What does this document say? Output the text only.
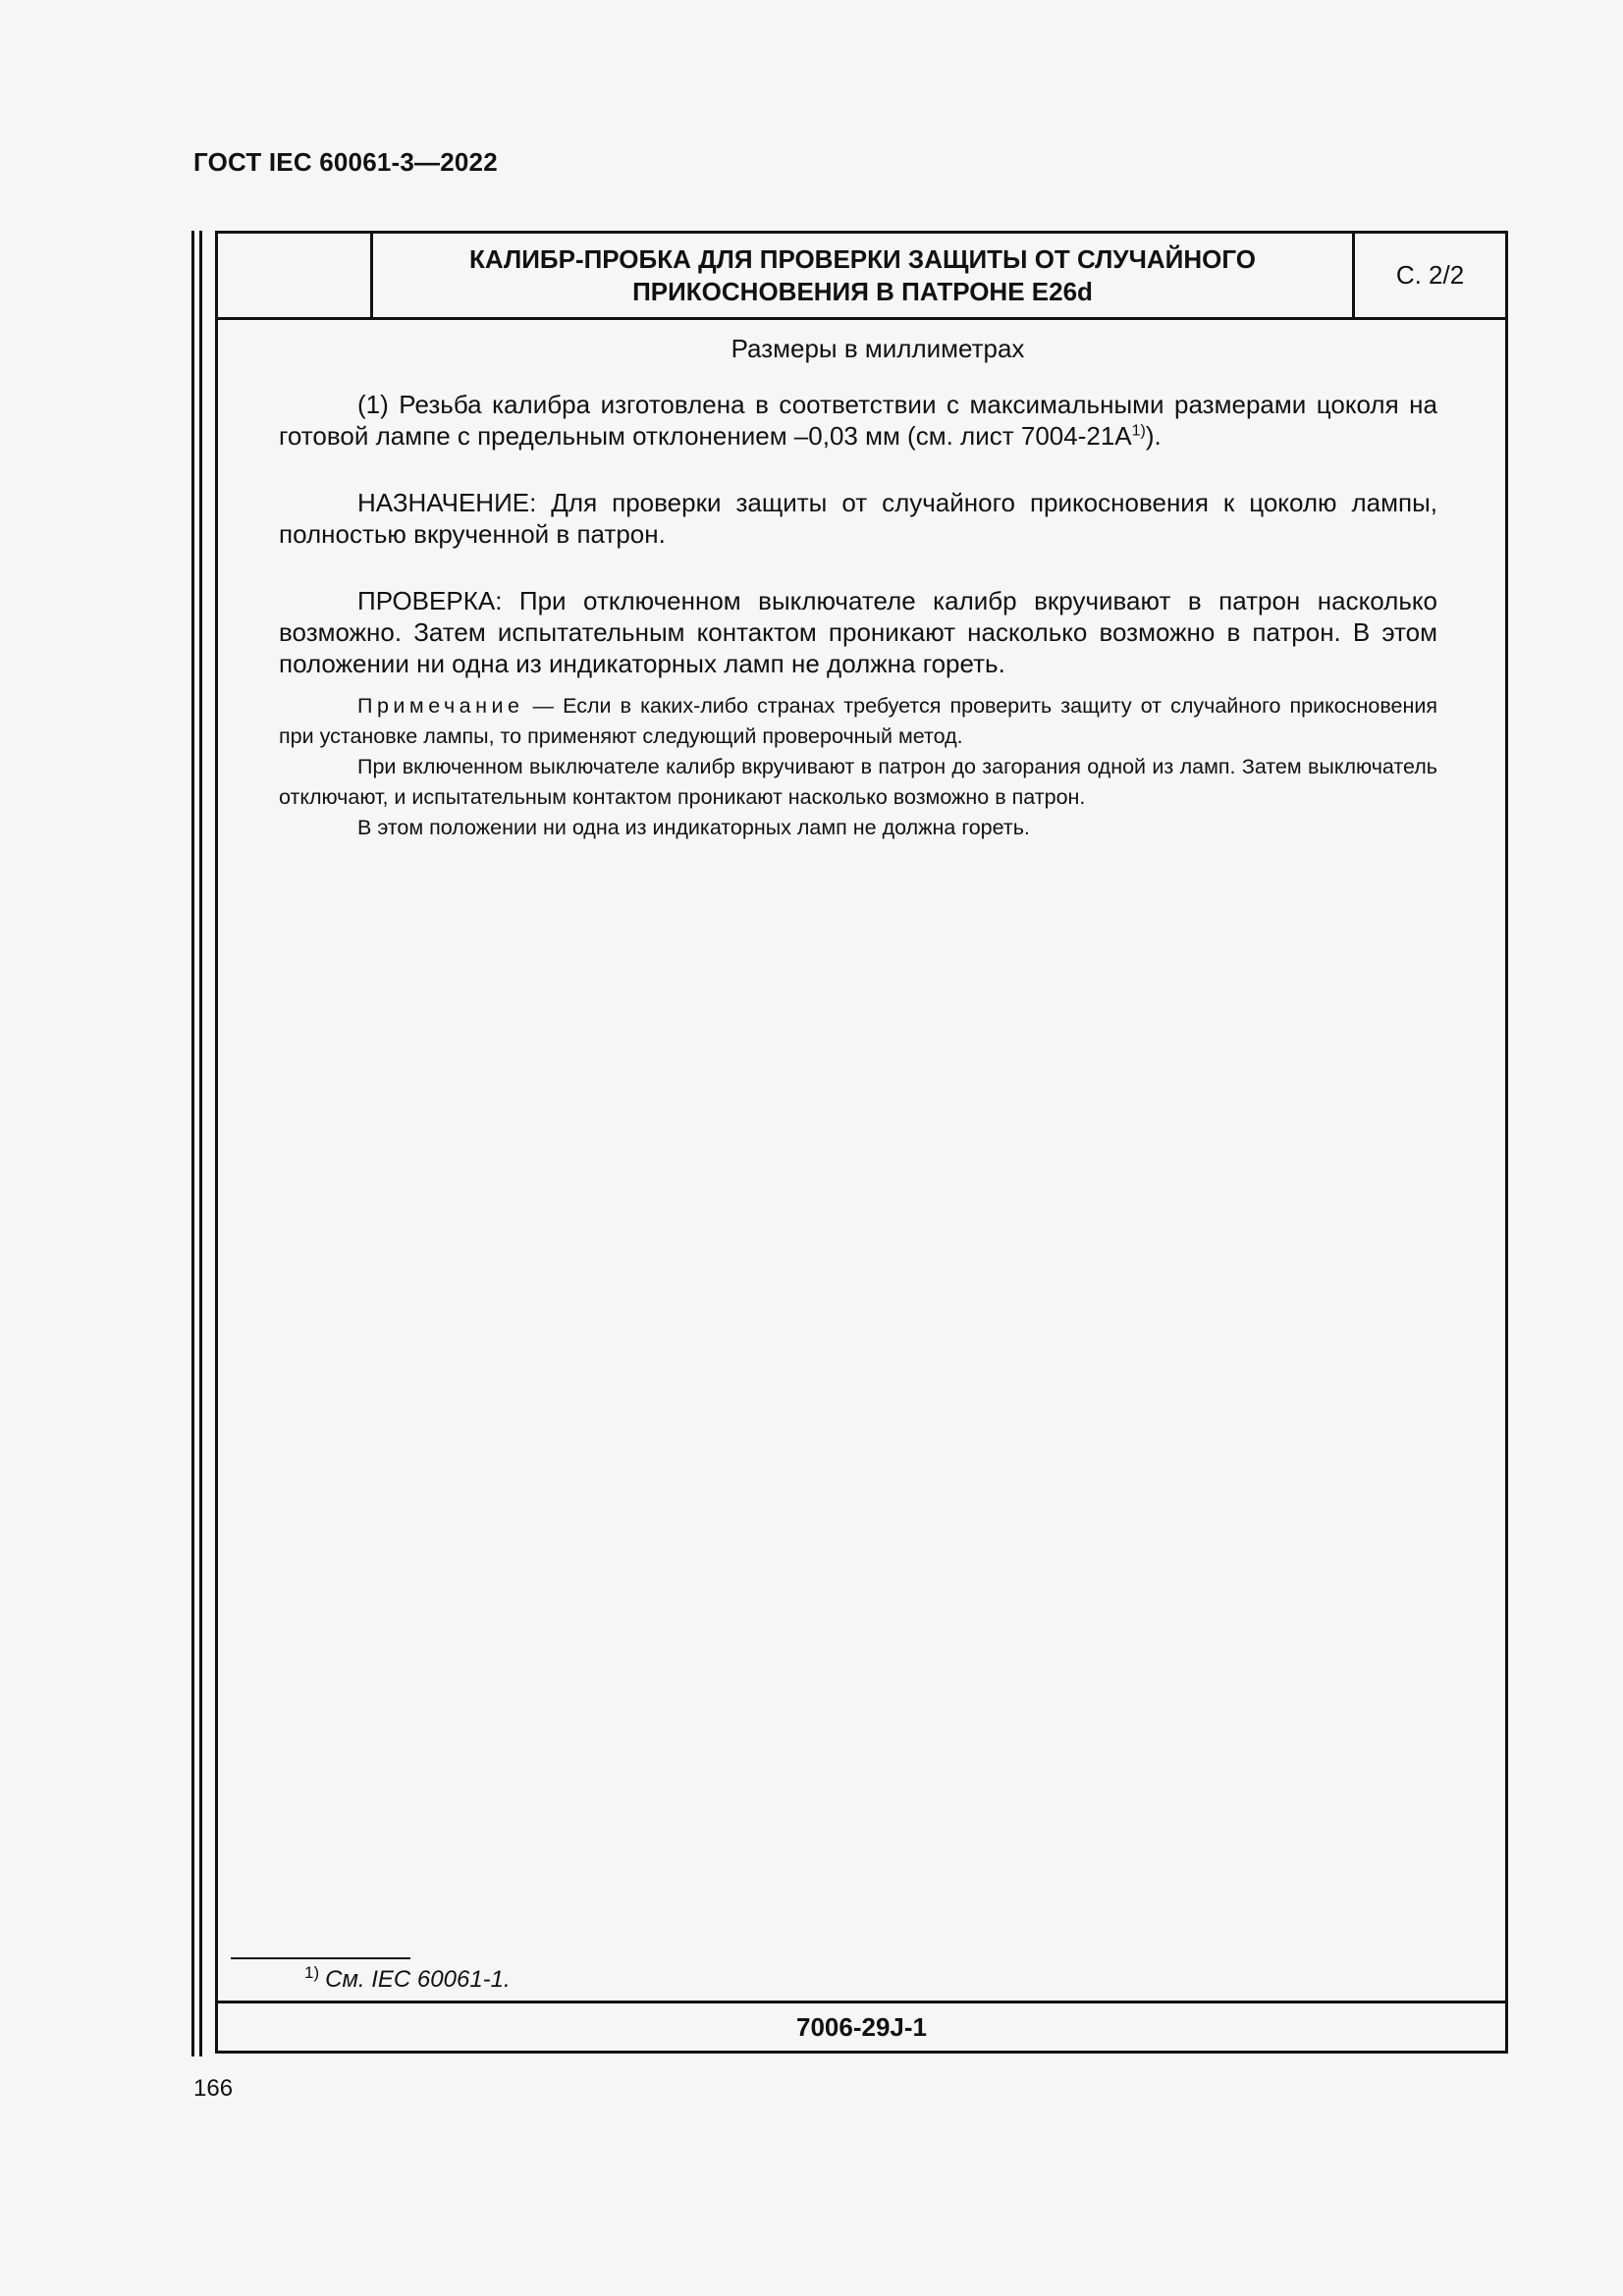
ГОСТ IEC 60061-3—2022
КАЛИБР-ПРОБКА ДЛЯ ПРОВЕРКИ ЗАЩИТЫ ОТ СЛУЧАЙНОГО
ПРИКОСНОВЕНИЯ В ПАТРОНЕ E26d
С. 2/2
Размеры в миллиметрах

(1) Резьба калибра изготовлена в соответствии с максимальными размерами цоколя на готовой лампе с предельным отклонением –0,03 мм (см. лист $7004-21А^{1)}$).

НАЗНАЧЕНИЕ: Для проверки защиты от случайного прикосновения к цоколю лампы, полностью вкрученной в патрон.

ПРОВЕРКА: При отключенном выключателе калибр вкручивают в патрон насколько возможно. Затем испытательным контактом проникают насколько возможно в патрон. В этом положении ни одна из индикаторных ламп не должна гореть.

Примечание — Если в каких-либо странах требуется проверить защиту от случайного прикосновения при установке лампы, то применяют следующий проверочный метод.

При включенном выключателе калибр вкручивают в патрон до загорания одной из ламп. Затем выключатель отключают, и испытательным контактом проникают насколько возможно в патрон.

В этом положении ни одна из индикаторных ламп не должна гореть.

$^{1)}$ См. IEC 60061-1.
7006-29J-1
166
